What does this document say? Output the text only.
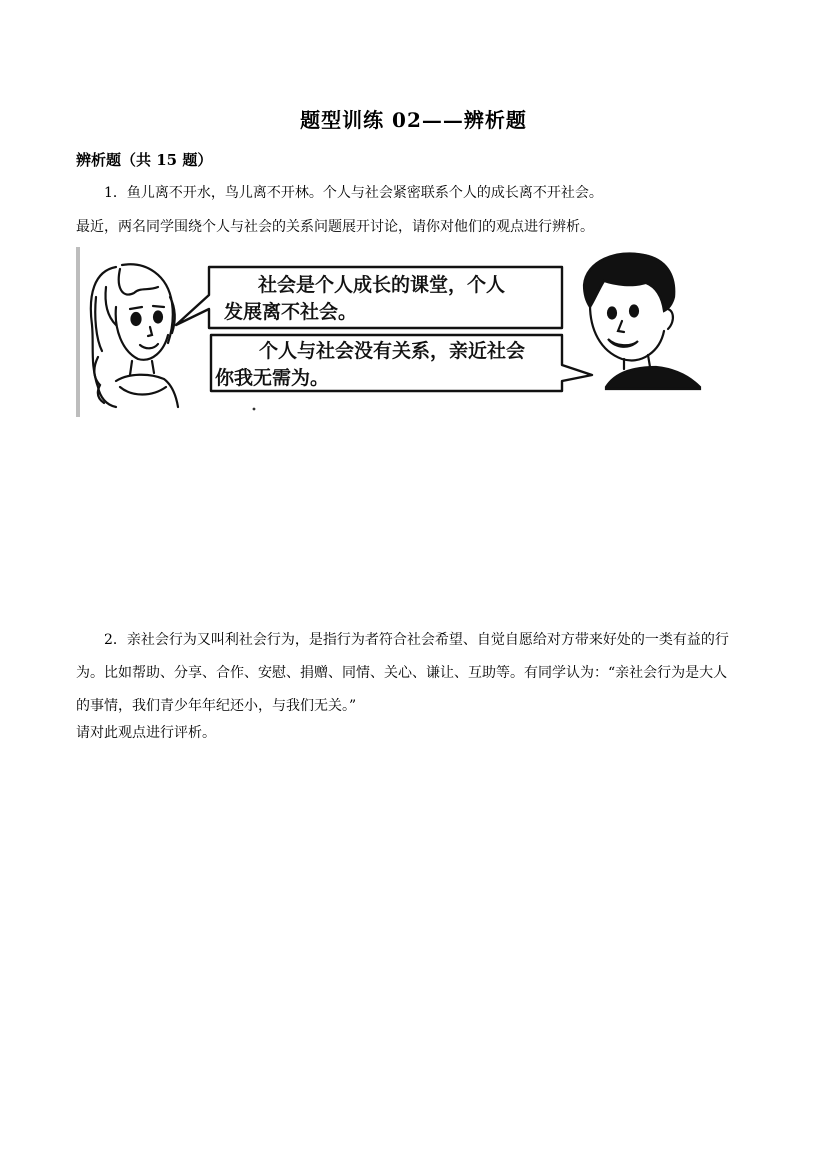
题型训练 02——辨析题
辨析题（共 15 题）
1．鱼儿离不开水，鸟儿离不开林。个人与社会紧密联系个人的成长离不开社会。
最近，两名同学围绕个人与社会的关系问题展开讨论，请你对他们的观点进行辨析。
社会是个人成长的课堂，个人
发展离不社会。
个人与社会没有关系，亲近社会
你我无需为。
2．亲社会行为又叫利社会行为，是指行为者符合社会希望、自觉自愿给对方带来好处的一类有益的行
为。比如帮助、分享、合作、安慰、捐赠、同情、关心、谦让、互助等。有同学认为：“亲社会行为是大人
的事情，我们青少年年纪还小，与我们无关。”
请对此观点进行评析。
